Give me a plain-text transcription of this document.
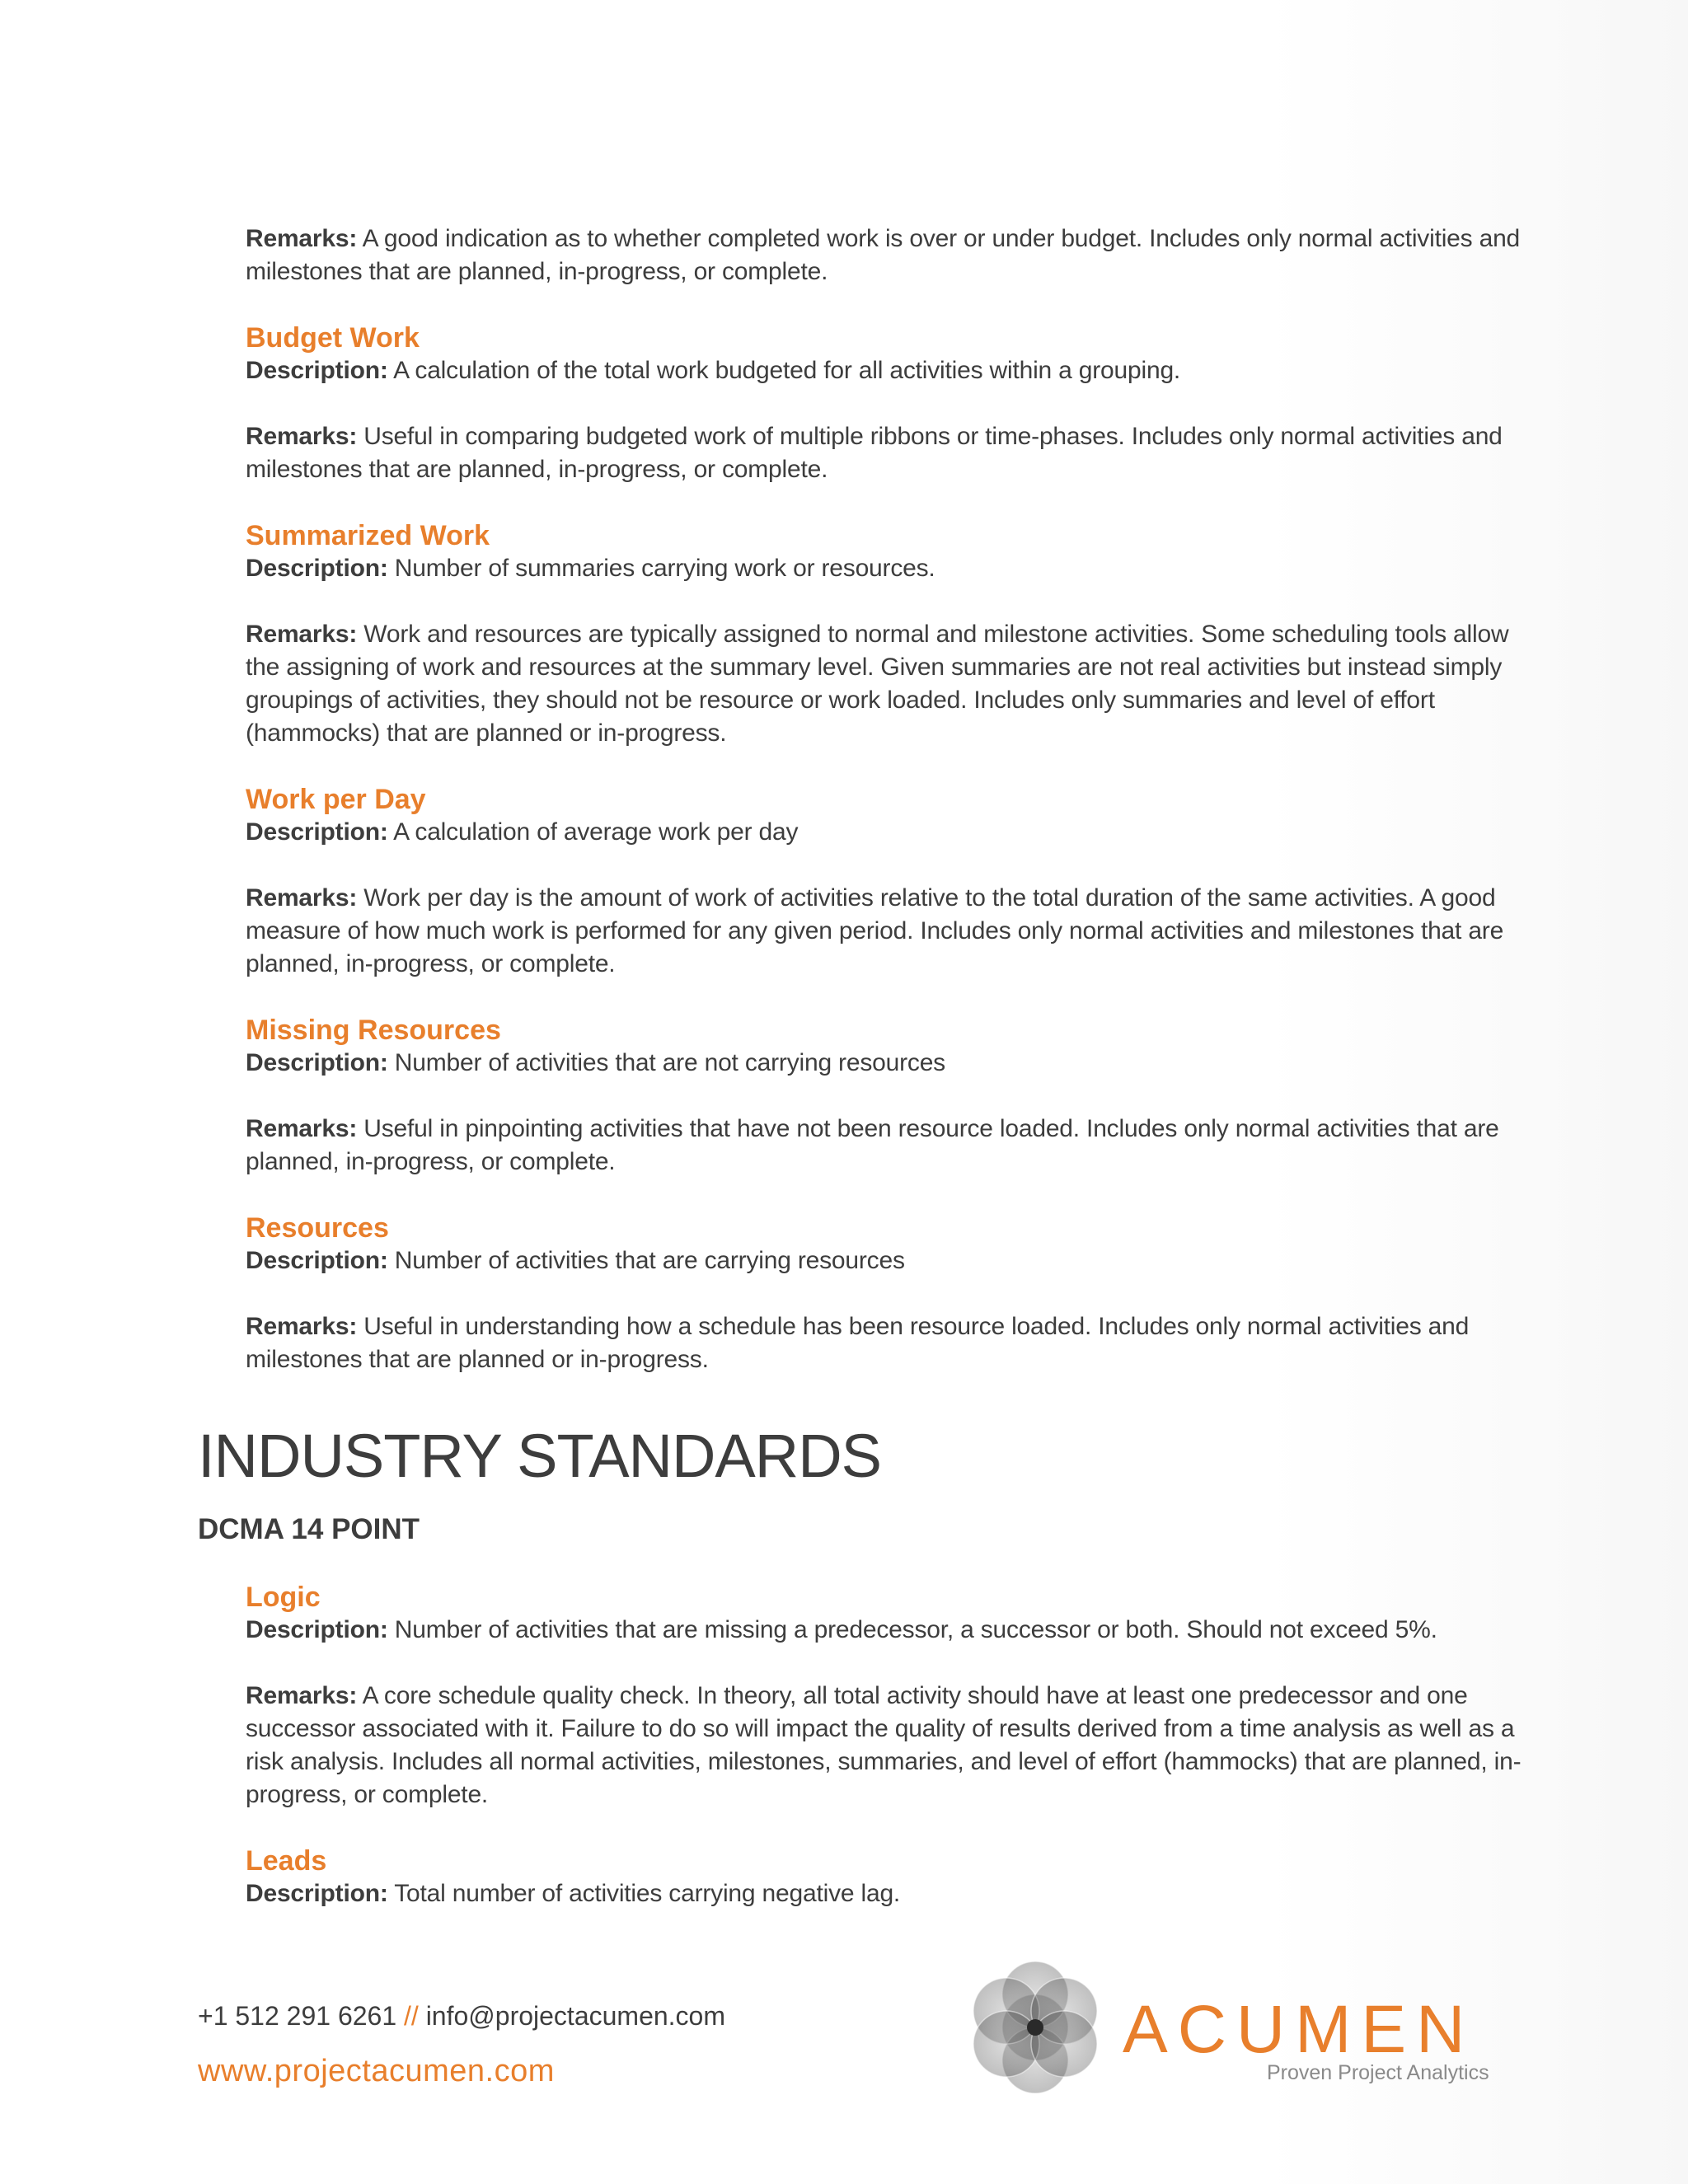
Remarks: A good indication as to whether completed work is over or under budget. Includes only normal activities and milestones that are planned, in-progress, or complete.

Budget Work

Description: A calculation of the total work budgeted for all activities within a grouping.

Remarks: Useful in comparing budgeted work of multiple ribbons or time-phases. Includes only normal activities and milestones that are planned, in-progress, or complete.

Summarized Work

Description: Number of summaries carrying work or resources.

Remarks: Work and resources are typically assigned to normal and milestone activities. Some scheduling tools allow the assigning of work and resources at the summary level. Given summaries are not real activities but instead simply groupings of activities, they should not be resource or work loaded. Includes only summaries and level of effort (hammocks) that are planned or in-progress.

Work per Day

Description: A calculation of average work per day

Remarks: Work per day is the amount of work of activities relative to the total duration of the same activities. A good measure of how much work is performed for any given period. Includes only normal activities and milestones that are planned, in-progress, or complete.

Missing Resources

Description: Number of activities that are not carrying resources

Remarks: Useful in pinpointing activities that have not been resource loaded. Includes only normal activities that are planned, in-progress, or complete.

Resources

Description: Number of activities that are carrying resources

Remarks: Useful in understanding how a schedule has been resource loaded. Includes only normal activities and milestones that are planned or in-progress.

INDUSTRY STANDARDS
DCMA 14 POINT
Logic

Description: Number of activities that are missing a predecessor, a successor or both. Should not exceed 5%.

Remarks: A core schedule quality check. In theory, all total activity should have at least one predecessor and one successor associated with it. Failure to do so will impact the quality of results derived from a time analysis as well as a risk analysis. Includes all normal activities, milestones, summaries, and level of effort (hammocks) that are planned, in-progress, or complete.

Leads

Description: Total number of activities carrying negative lag.

+1 512 291 6261 // info@projectacumen.com
www.projectacumen.com
ACUMEN
Proven Project Analytics
